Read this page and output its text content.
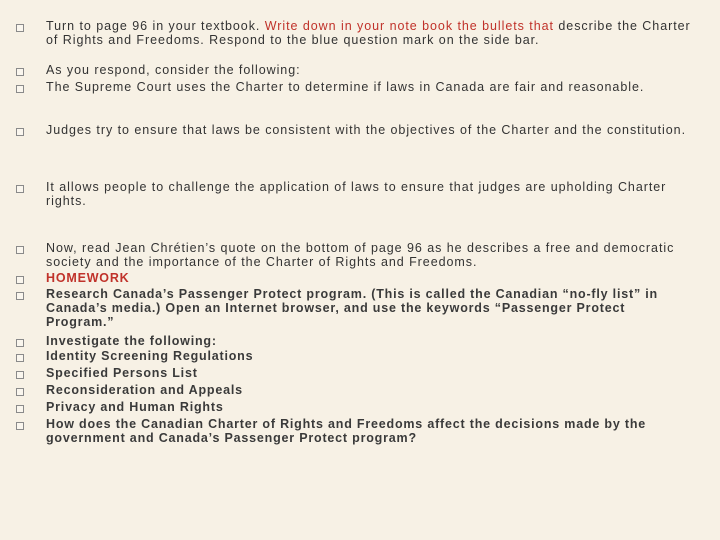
Turn to page 96 in your textbook. Write down in your note book the bullets that describe the Charter of Rights and Freedoms. Respond to the blue question mark on the side bar.
As you respond, consider the following:
The Supreme Court uses the Charter to determine if laws in Canada are fair and reasonable.
Judges try to ensure that laws be consistent with the objectives of the Charter and the constitution.
It allows people to challenge the application of laws to ensure that judges are upholding Charter rights.
Now, read Jean Chrétien’s quote on the bottom of page 96 as he describes a free and democratic society and the importance of the Charter of Rights and Freedoms.
HOMEWORK
Research Canada’s Passenger Protect program. (This is called the Canadian “no-fly list” in Canada’s media.) Open an Internet browser, and use the keywords “Passenger Protect Program.”
Investigate the following:
Identity Screening Regulations
Specified Persons List
Reconsideration and Appeals
Privacy and Human Rights
How does the Canadian Charter of Rights and Freedoms affect the decisions made by the government and Canada’s Passenger Protect program?
